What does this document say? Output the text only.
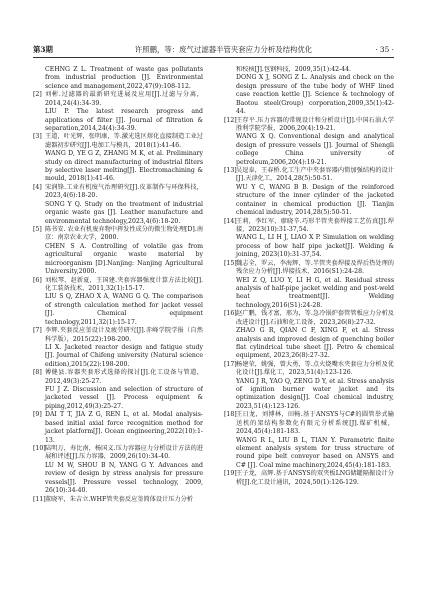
第3期	许照鹏，等：废气过滤器半管夹套应力分析及结构优化	· 35 ·
CEHNG Z L. Treatment of waste gas pollutants from industrial production [J]. Environmental science and management,2022,47(9):108-112.
[2] 刘彬.过滤器的最新研究进展及应用[J].过滤与分离，2014,24(4):34-39.
LIU P. The latest research progress and applications of filter [J]. Journal of filtration & separation,2014,24(4):34-39.
[3] 王道，叶光辉，张明康，等.激光选区熔化直接制造工业过滤器初步研究[J].电加工与模具，2018(1):41-46.
WANG D, YE G Z, ZHANG M K, et al. Preliminary study on direct manufacturing of industrial filters by selective laser melting[J]. Electromachining & mould, 2018(1):41-46.
[4] 宋润锋.工业有机废气治理研究[J].皮革制作与环保科技，2023,4(6):18-20.
SONG Y Q. Study on the treatment of industrial organic waste gas [J]. Leather manufacture and environmental technology,2023,4(6):18-20.
[5] 陈书安. 农业有机废弃物中挥发性成分的微生物处理[D].南京：南京农业大学，2000.
CHEN S A. Controlling of volatile gas from agricultural organic waste material by microorganism [D].Nanjing: Nanjing Agricultural University,2000.
[6] 刘松琴，赵新夏，王国建.夹套容器强度计算方法比较[J].化工装备技术，2011,32(1):15-17.
LIU S Q, ZHAO X A, WANG G Q. The comparison of strength calculation method for jacket vessel [J]. Chemical equipment technology,2011,32(1):15-17.
[7] 李辉.夹套反应釜设计及疲劳研究[J].赤峰学院学报（自然科学版），2015(22):198-200.
LI X. Jacketed reactor design and fatigue study [J]. Journal of Chifeng university (Natural science edition),2015(22):198-200.
[8] 傅健县.容器夹套形式选择的探讨[J].化工设备与管道，2012,49(3):25-27.
FU J Z. Discussion and selection of structure of jacketed vessel [J]. Process equipment & piping,2012,49(3):25-27.
[9] DAI T T, JIA Z G, REN L, et al. Modal analysis-based initial axial force recognition method for jacket platform[J]. Ocean engineering,2022(10):1-13.
[10] 陆明万，寿比南，杨国义.压力容器应力分析设计方法的进展和评述[J].压力容器，2009,26(10):34-40.
LU M W, SHOU B N, YANG G Y. Advances and review of design by stress analysis for pressure vessels[J]. Pressure vessel technology, 2009, 26(10):34-40.
[11] 董晓军，朱吉立.WHF管夹套反应釜简体设计压力分析
和校核[J].包钢科技，2009,35(1):42-44.
DONG X J, SONG Z L. Analysis and check on the design pressure of the tube body of WHF lined case reaction kettle [J]. Science & technology of Baotou steel(Group) corporation,2009,35(1):42-44.
[12] 王存平.压力容器的常规设计和分析设计[J].中国石油大学胜利学院学报，2006,20(4):19-21.
WANG X Q. Conventional design and analytical design of pressure vessels [J]. Journal of Shengli college China university of petroleum,2006,20(4):19-21.
[13] 吴逗泰，王春桥.化工生产中夹套容器内简加强结构的设计[J].天津化工，2014,28(5):50-51.
WU Y C, WANG B B. Design of the reinforced structure of the inner cylinder of the jacketed container in chemical production [J]. Tianjin chemical industry, 2014,28(5):50-51.
[14] 王莉，李红军，廖晓辛.巧形半管夹套焊接工艺仿真[J].焊接，2023(10):31-37,54.
WANG L, LI H J, LIAO X P. Simulation on welding process of bow half pipe jacket[J]. Welding & joining, 2023(10):31-37,54.
[15] 魏志全，罗云，李海辉，等.半管夹套焊接及焊后热处理的残余应力分析[J].焊接技术，2016(S1):24-28.
WEI Z Q, LUO Y, LI H G, et al. Residual stress analysis of half-pipe jacket welding and post-weld heat treatment[J]. Welding technology,2016(S1):24-28.
[16] 赵广鹏，钱才富，邢为，等.急冷锅炉套管管板应力分析及改进设计[J].石油和化工设备，2023,26(8):27-32.
ZHAO G R, QIAN C F, XING F, et al. Stress analysis and improved design of quenching boiler flat cylindrical tube sheet [J]. Petro & chemical equipment, 2023,26(8):27-32.
[17] 杨建荣，姚强，曾大勇，等.点火烧嘴水夹套应力分析及优化设计[J].煤化工，2023,51(4):123-126.
YANG J R, YAO Q, ZENG D Y, et al. Stress analysis of ignition burner water jacket and its optimization design[J]. Coal chemical industry, 2023,51(4):123-126.
[18] 王日龙，刘博林，田畅.基于ANSYS与C#的圆管举式输送机的架结构参数化有限元分析系统[J].煤矿机械，2024,45(4):181-183.
WANG R L, LIU B L, TIAN Y. Parametric finite element analysis system for truss structure of round pipe belt conveyor based on ANSYS and C# [J]. Coal mine machinery,2024,45(4):181-183.
[19] 王子龙，高辉.基于ANSYS的双夹板LNG储罐隔振设计分析[J].化工设计通讯，2024,50(1):126-129.
